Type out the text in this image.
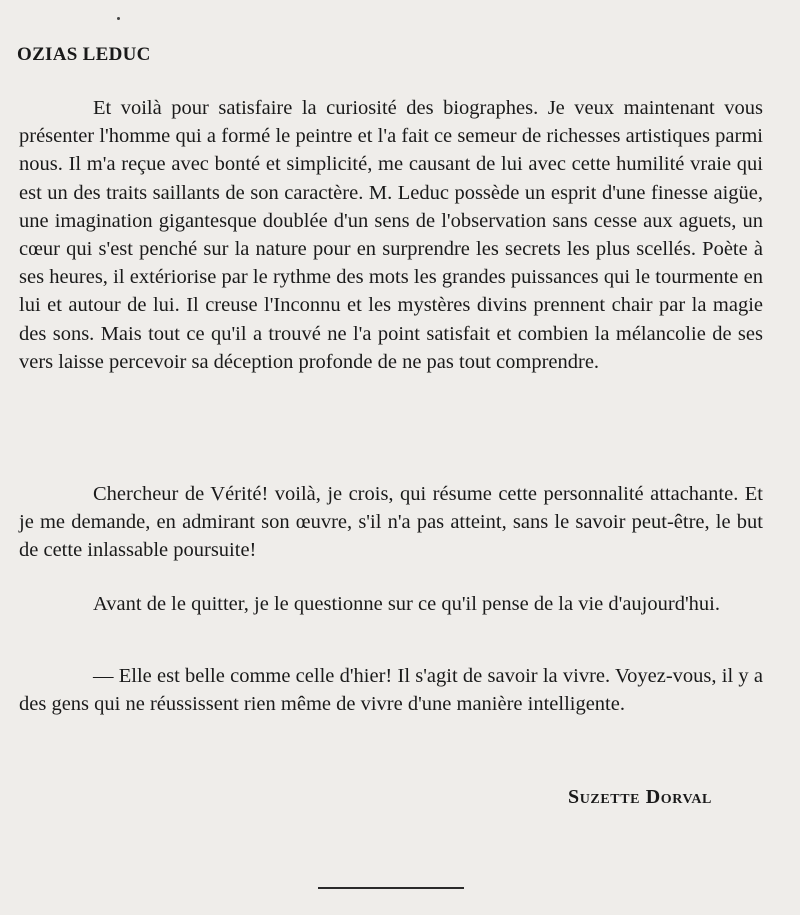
OZIAS LEDUC

Et voilà pour satisfaire la curiosité des biographes. Je veux maintenant vous présenter l'homme qui a formé le peintre et l'a fait ce semeur de richesses artistiques parmi nous. Il m'a reçue avec bonté et simplicité, me causant de lui avec cette humilité vraie qui est un des traits saillants de son caractère. M. Leduc possède un esprit d'une finesse aigüe, une imagination gigantesque doublée d'un sens de l'observation sans cesse aux aguets, un cœur qui s'est penché sur la nature pour en surprendre les secrets les plus scellés. Poète à ses heures, il extériorise par le rythme des mots les grandes puissances qui le tourmente en lui et autour de lui. Il creuse l'Inconnu et les mystères divins prennent chair par la magie des sons. Mais tout ce qu'il a trouvé ne l'a point satisfait et combien la mélancolie de ses vers laisse percevoir sa déception profonde de ne pas tout comprendre.

Chercheur de Vérité! voilà, je crois, qui résume cette personnalité attachante. Et je me demande, en admirant son œuvre, s'il n'a pas atteint, sans le savoir peut-être, le but de cette inlassable poursuite!

Avant de le quitter, je le questionne sur ce qu'il pense de la vie d'aujourd'hui.

— Elle est belle comme celle d'hier! Il s'agit de savoir la vivre. Voyez-vous, il y a des gens qui ne réussissent rien même de vivre d'une manière intelligente.

Suzette Dorval
